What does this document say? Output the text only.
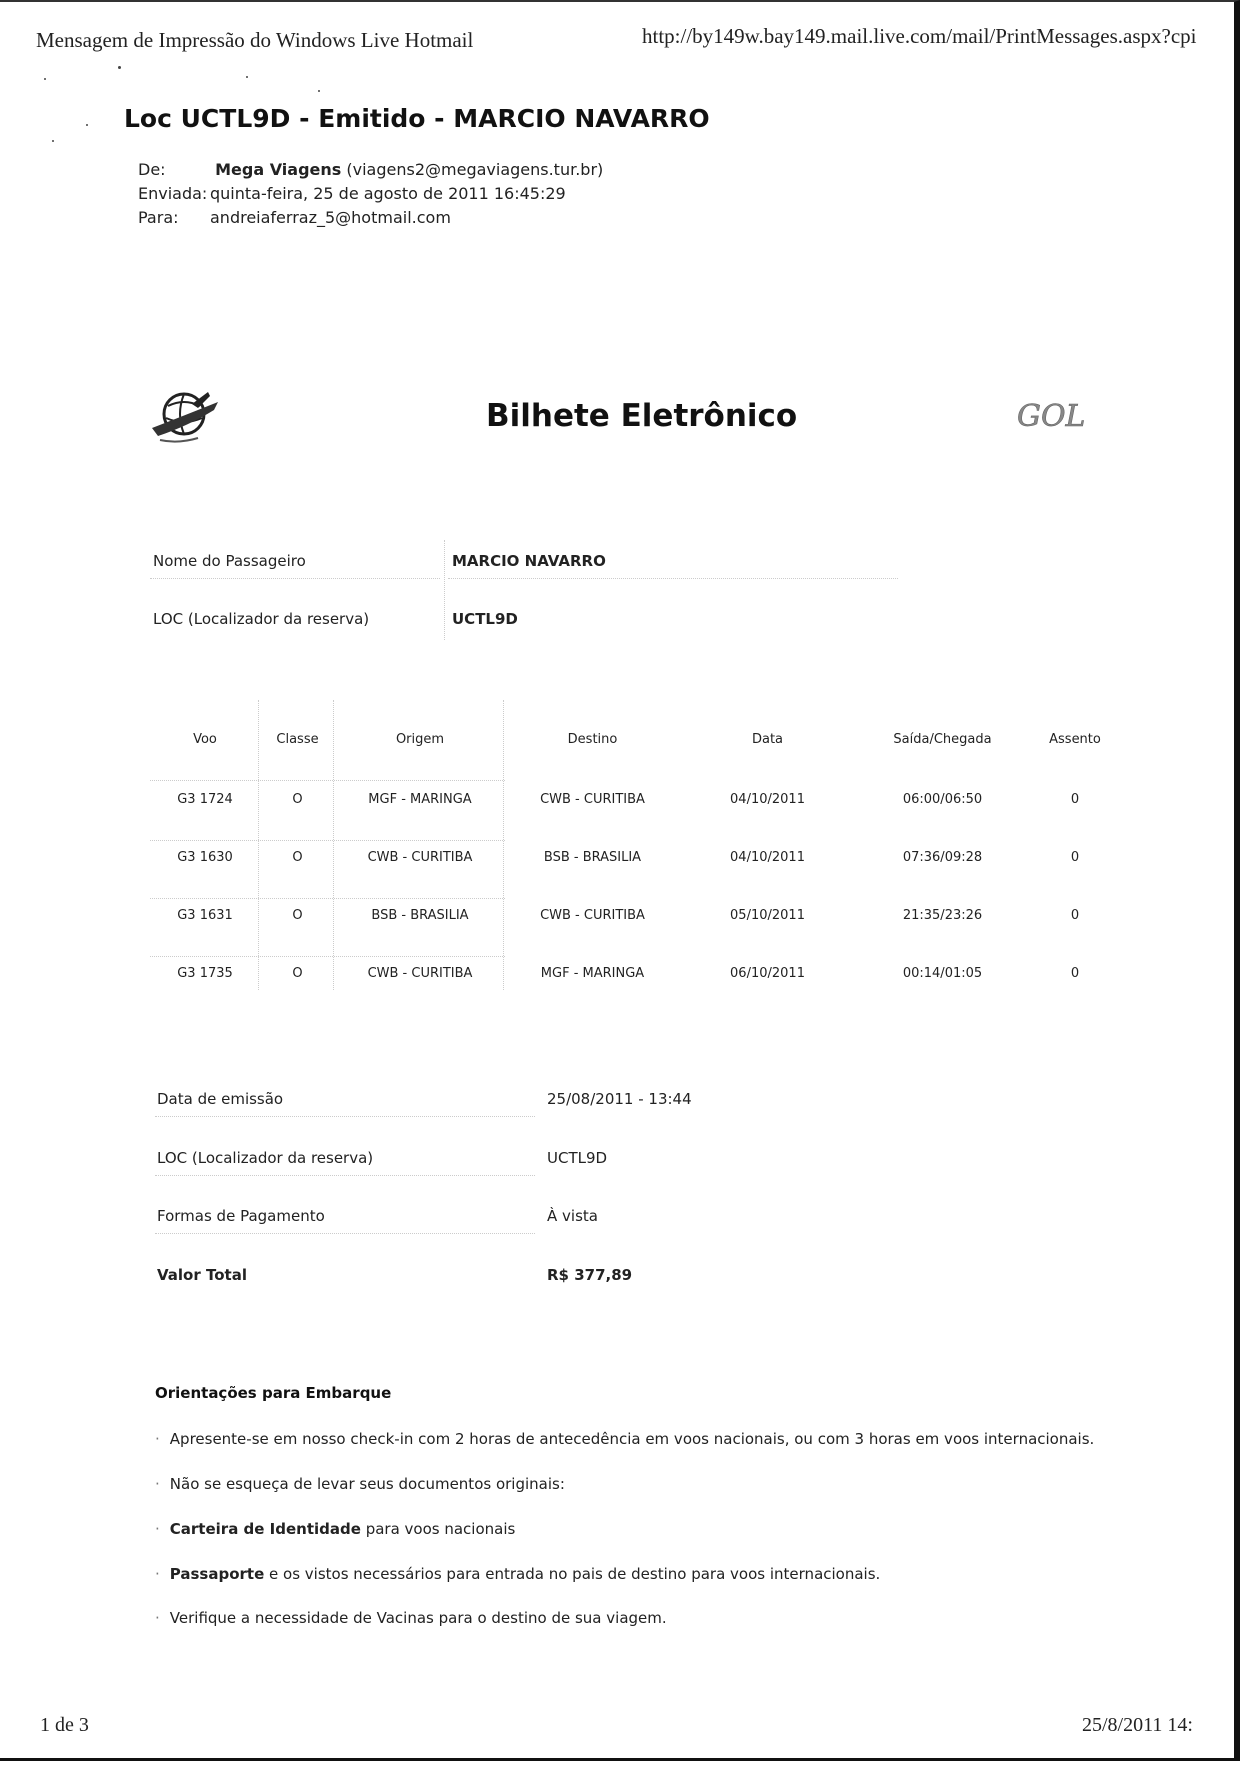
Mensagem de Impressão do Windows Live Hotmail	http://by149w.bay149.mail.live.com/mail/PrintMessages.aspx?cpi
Loc UCTL9D - Emitido - MARCIO NAVARRO
De:	Mega Viagens (viagens2@megaviagens.tur.br)
Enviada: quinta-feira, 25 de agosto de 2011 16:45:29
Para: andreiaferraz_5@hotmail.com
Bilhete Eletrônico	GOL
Nome do Passageiro	MARCIO NAVARRO
LOC (Localizador da reserva)	UCTL9D
Voo	Classe	Origem	Destino	Data	Saída/Chegada	Assento
G3 1724	O	MGF - MARINGA	CWB - CURITIBA	04/10/2011	06:00/06:50	0
G3 1630	O	CWB - CURITIBA	BSB - BRASILIA	04/10/2011	07:36/09:28	0
G3 1631	O	BSB - BRASILIA	CWB - CURITIBA	05/10/2011	21:35/23:26	0
G3 1735	O	CWB - CURITIBA	MGF - MARINGA	06/10/2011	00:14/01:05	0
Data de emissão	25/08/2011 - 13:44
LOC (Localizador da reserva)	UCTL9D
Formas de Pagamento	À vista
Valor Total	R$ 377,89
Orientações para Embarque
· Apresente-se em nosso check-in com 2 horas de antecedência em voos nacionais, ou com 3 horas em voos internacionais.
· Não se esqueça de levar seus documentos originais:
· Carteira de Identidade para voos nacionais
· Passaporte e os vistos necessários para entrada no pais de destino para voos internacionais.
· Verifique a necessidade de Vacinas para o destino de sua viagem.
1 de 3	25/8/2011 14:
